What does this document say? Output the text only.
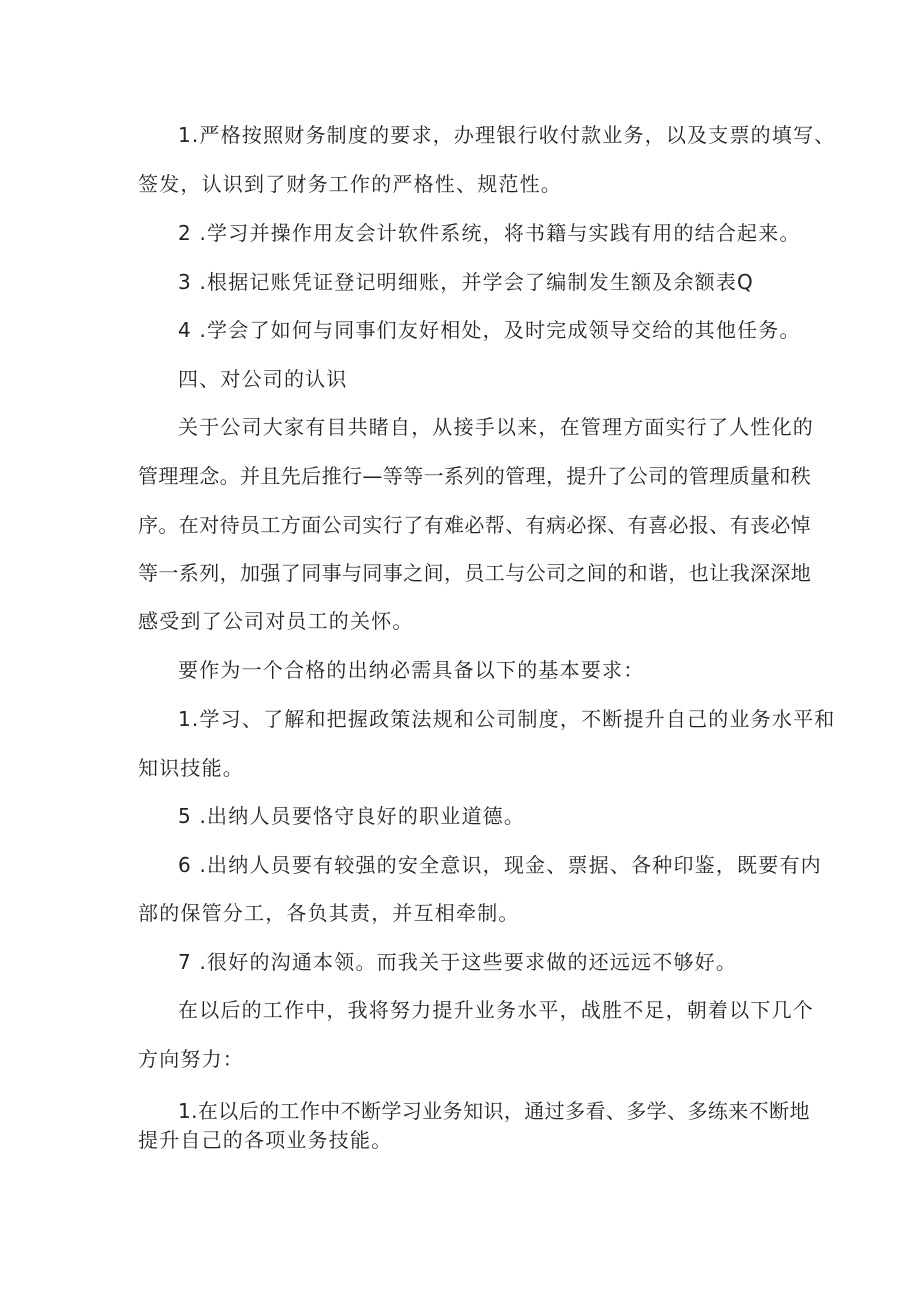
1.严格按照财务制度的要求，办理银行收付款业务，以及支票的填写、

签发，认识到了财务工作的严格性、规范性。

2 .学习并操作用友会计软件系统，将书籍与实践有用的结合起来。

3 .根据记账凭证登记明细账，并学会了编制发生额及余额表Q

4 .学会了如何与同事们友好相处，及时完成领导交给的其他任务。

四、对公司的认识

关于公司大家有目共睹自，从接手以来，在管理方面实行了人性化的

管理理念。并且先后推行—等等一系列的管理，提升了公司的管理质量和秩

序。在对待员工方面公司实行了有难必帮、有病必探、有喜必报、有丧必悼

等一系列，加强了同事与同事之间，员工与公司之间的和谐，也让我深深地

感受到了公司对员工的关怀。

要作为一个合格的出纳必需具备以下的基本要求：

1.学习、了解和把握政策法规和公司制度，不断提升自己的业务水平和

知识技能。

5 .出纳人员要恪守良好的职业道德。

6 .出纳人员要有较强的安全意识，现金、票据、各种印鉴，既要有内

部的保管分工，各负其责，并互相牵制。

7 .很好的沟通本领。而我关于这些要求做的还远远不够好。

在以后的工作中，我将努力提升业务水平，战胜不足，朝着以下几个

方向努力：

1.在以后的工作中不断学习业务知识，通过多看、多学、多练来不断地

提升自己的各项业务技能。
